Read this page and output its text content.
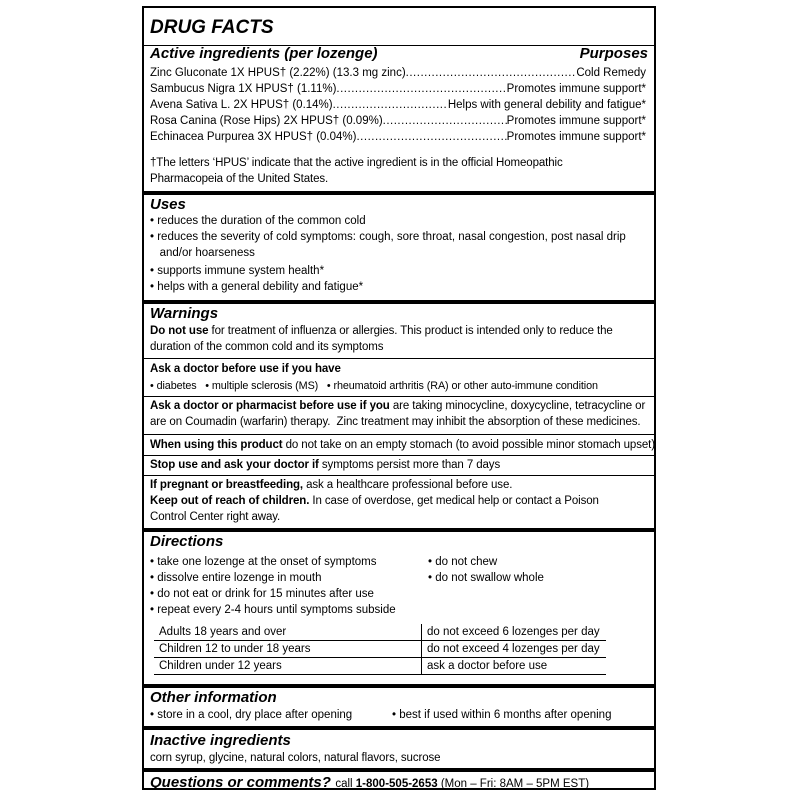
DRUG FACTS
Active ingredients (per lozenge)	Purposes
Zinc Gluconate 1X HPUS† (2.22%) (13.3 mg zinc) .....	Cold Remedy
Sambucus Nigra 1X HPUS† (1.11%) .....	Promotes immune support*
Avena Sativa L. 2X HPUS† (0.14%) .....	Helps with general debility and fatigue*
Rosa Canina (Rose Hips) 2X HPUS† (0.09%) .....	Promotes immune support*
Echinacea Purpurea 3X HPUS† (0.04%) .....	Promotes immune support*
†The letters ‘HPUS’ indicate that the active ingredient is in the official Homeopathic
Pharmacopeia of the United States.
Uses
• reduces the duration of the common cold
• reduces the severity of cold symptoms: cough, sore throat, nasal congestion, post nasal drip
and/or hoarseness
• supports immune system health*
• helps with a general debility and fatigue*
Warnings
Do not use for treatment of influenza or allergies. This product is intended only to reduce the
duration of the common cold and its symptoms
Ask a doctor before use if you have
• diabetes   • multiple sclerosis (MS)   • rheumatoid arthritis (RA) or other auto-immune condition
Ask a doctor or pharmacist before use if you are taking minocycline, doxycycline, tetracycline or
are on Coumadin (warfarin) therapy.  Zinc treatment may inhibit the absorption of these medicines.
When using this product do not take on an empty stomach (to avoid possible minor stomach upset)
Stop use and ask your doctor if symptoms persist more than 7 days
If pregnant or breastfeeding, ask a healthcare professional before use.
Keep out of reach of children. In case of overdose, get medical help or contact a Poison
Control Center right away.
Directions
• take one lozenge at the onset of symptoms
• dissolve entire lozenge in mouth
• do not eat or drink for 15 minutes after use
• repeat every 2-4 hours until symptoms subside
• do not chew
• do not swallow whole
Adults 18 years and over	do not exceed 6 lozenges per day
Children 12 to under 18 years	do not exceed 4 lozenges per day
Children under 12 years	ask a doctor before use
Other information
• store in a cool, dry place after opening	• best if used within 6 months after opening
Inactive ingredients
corn syrup, glycine, natural colors, natural flavors, sucrose
Questions or comments? call 1-800-505-2653 (Mon – Fri: 8AM – 5PM EST)
